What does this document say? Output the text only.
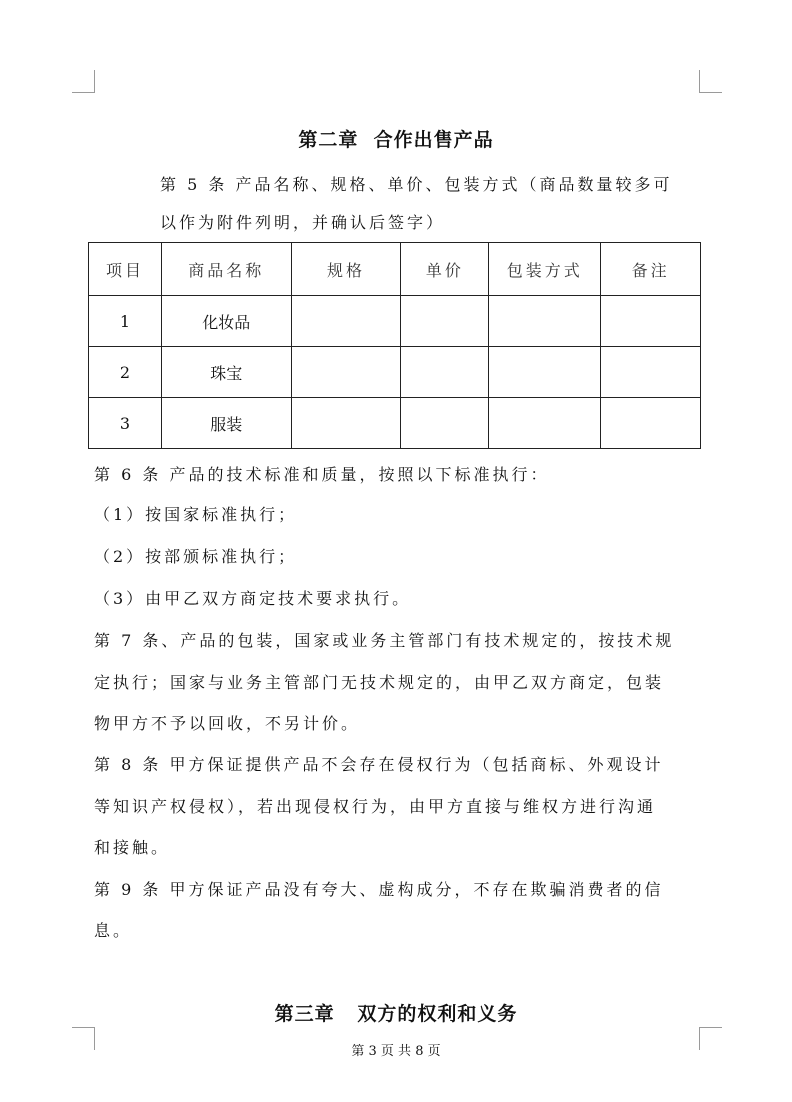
第二章  合作出售产品
第 5 条 产品名称、规格、单价、包装方式（商品数量较多可
以作为附件列明，并确认后签字）
项目	商品名称	规格	单价	包装方式	备注
1	化妆品				
2	珠宝				
3	服装				
第 6 条 产品的技术标准和质量，按照以下标准执行：
（1）按国家标准执行；
（2）按部颁标准执行；
（3）由甲乙双方商定技术要求执行。
第 7 条、产品的包装，国家或业务主管部门有技术规定的，按技术规
定执行；国家与业务主管部门无技术规定的，由甲乙双方商定，包装
物甲方不予以回收，不另计价。
第 8 条 甲方保证提供产品不会存在侵权行为（包括商标、外观设计
等知识产权侵权），若出现侵权行为，由甲方直接与维权方进行沟通
和接触。
第 9 条 甲方保证产品没有夸大、虚构成分，不存在欺骗消费者的信
息。
第三章   双方的权利和义务
第 3 页 共 8 页
